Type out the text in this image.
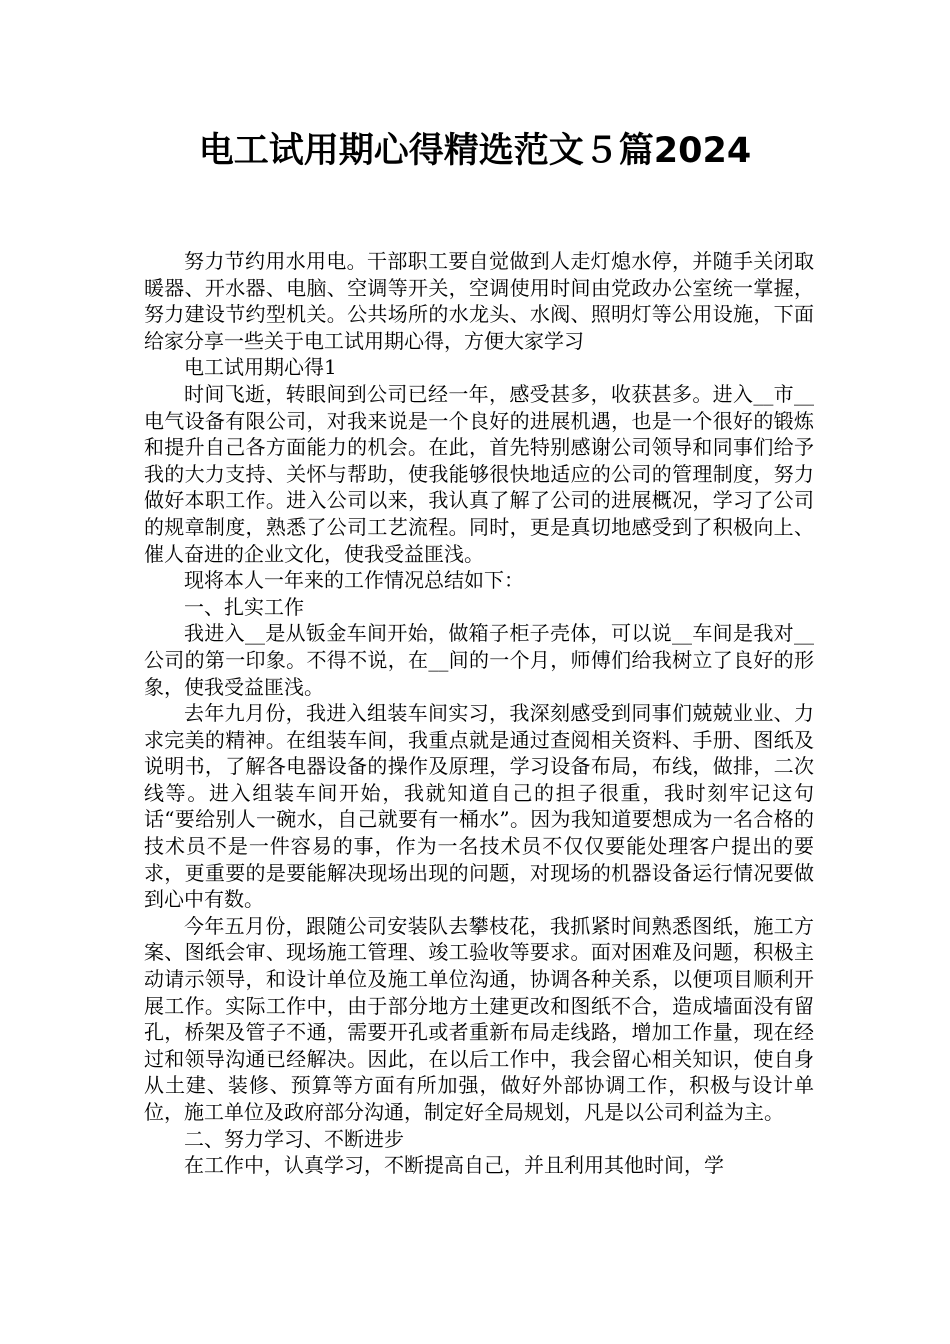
电工试用期心得精选范文５篇2024

努力节约用水用电。干部职工要自觉做到人走灯熄水停，并随手关闭取暖器、开水器、电脑、空调等开关，空调使用时间由党政办公室统一掌握，努力建设节约型机关。公共场所的水龙头、水阀、照明灯等公用设施，下面给家分享一些关于电工试用期心得，方便大家学习

电工试用期心得1

时间飞逝，转眼间到公司已经一年，感受甚多，收获甚多。进入__市__电气设备有限公司，对我来说是一个良好的进展机遇，也是一个很好的锻炼和提升自己各方面能力的机会。在此，首先特别感谢公司领导和同事们给予我的大力支持、关怀与帮助，使我能够很快地适应的公司的管理制度，努力做好本职工作。进入公司以来，我认真了解了公司的进展概况，学习了公司的规章制度，熟悉了公司工艺流程。同时，更是真切地感受到了积极向上、催人奋进的企业文化，使我受益匪浅。

现将本人一年来的工作情况总结如下：

一、扎实工作

我进入__是从钣金车间开始，做箱子柜子壳体，可以说__车间是我对__公司的第一印象。不得不说，在__间的一个月，师傅们给我树立了良好的形象，使我受益匪浅。

去年九月份，我进入组装车间实习，我深刻感受到同事们兢兢业业、力求完美的精神。在组装车间，我重点就是通过查阅相关资料、手册、图纸及说明书，了解各电器设备的操作及原理，学习设备布局，布线，做排，二次线等。进入组装车间开始，我就知道自己的担子很重，我时刻牢记这句话“要给别人一碗水，自己就要有一桶水”。因为我知道要想成为一名合格的技术员不是一件容易的事，作为一名技术员不仅仅要能处理客户提出的要求，更重要的是要能解决现场出现的问题，对现场的机器设备运行情况要做到心中有数。

今年五月份，跟随公司安装队去攀枝花，我抓紧时间熟悉图纸，施工方案、图纸会审、现场施工管理、竣工验收等要求。面对困难及问题，积极主动请示领导，和设计单位及施工单位沟通，协调各种关系，以便项目顺利开展工作。实际工作中，由于部分地方土建更改和图纸不合，造成墙面没有留孔，桥架及管子不通，需要开孔或者重新布局走线路，增加工作量，现在经过和领导沟通已经解决。因此，在以后工作中，我会留心相关知识，使自身从土建、装修、预算等方面有所加强，做好外部协调工作，积极与设计单位，施工单位及政府部分沟通，制定好全局规划，凡是以公司利益为主。

二、努力学习、不断进步

在工作中，认真学习，不断提高自己，并且利用其他时间，学
